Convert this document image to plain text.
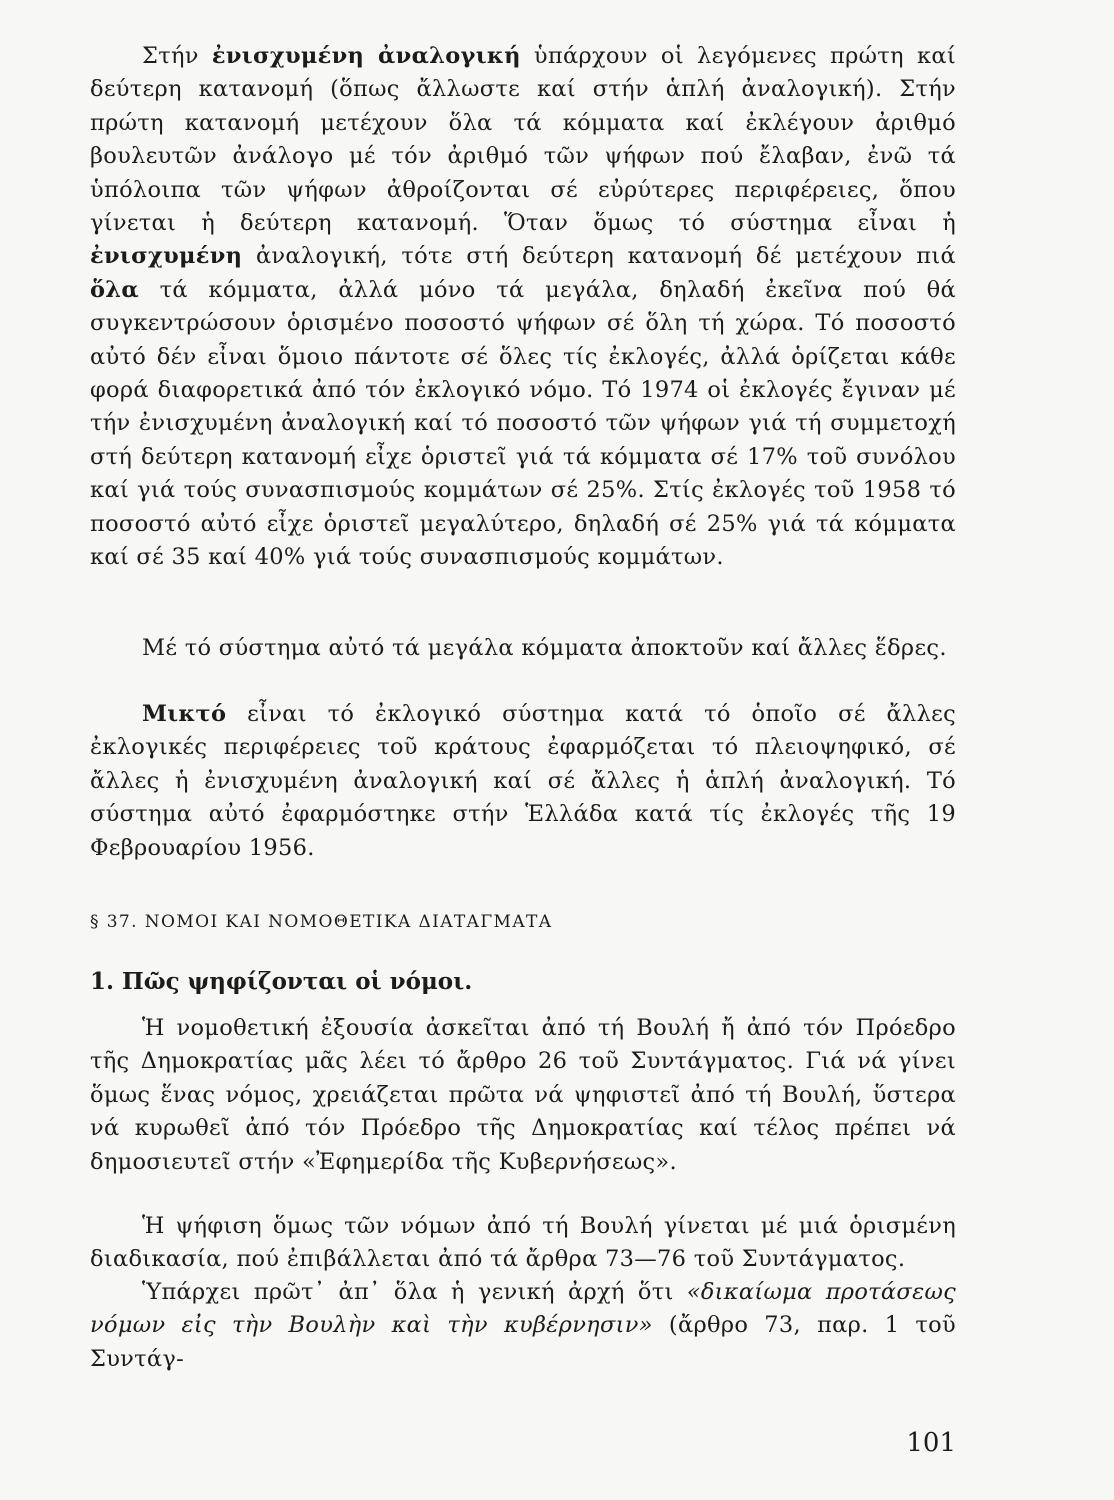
Στήν ἐνισχυμένη ἀναλογική ὑπάρχουν οἱ λεγόμενες πρώτη καί δεύτερη κατανομή (ὅπως ἄλλωστε καί στήν ἁπλή ἀναλογική). Στήν πρώτη κατανομή μετέχουν ὅλα τά κόμματα καί ἐκλέγουν ἀριθμό βουλευτῶν ἀνάλογο μέ τόν ἀριθμό τῶν ψήφων πού ἔλαβαν, ἐνῶ τά ὑπόλοιπα τῶν ψήφων ἀθροίζονται σέ εὐρύτερες περιφέρειες, ὅπου γίνεται ἡ δεύτερη κατανομή. Ὅταν ὅμως τό σύστημα εἶναι ἡ ἐνισχυμένη ἀναλογική, τότε στή δεύτερη κατανομή δέ μετέχουν πιά ὅλα τά κόμματα, ἀλλά μόνο τά μεγάλα, δηλαδή ἐκεῖνα πού θά συγκεντρώσουν ὁρισμένο ποσοστό ψήφων σέ ὅλη τή χώρα. Τό ποσοστό αὐτό δέν εἶναι ὅμοιο πάντοτε σέ ὅλες τίς ἐκλογές, ἀλλά ὁρίζεται κάθε φορά διαφορετικά ἀπό τόν ἐκλογικό νόμο. Τό 1974 οἱ ἐκλογές ἔγιναν μέ τήν ἐνισχυμένη ἀναλογική καί τό ποσοστό τῶν ψήφων γιά τή συμμετοχή στή δεύτερη κατανομή εἶχε ὁριστεῖ γιά τά κόμματα σέ 17% τοῦ συνόλου καί γιά τούς συνασπισμούς κομμάτων σέ 25%. Στίς ἐκλογές τοῦ 1958 τό ποσοστό αὐτό εἶχε ὁριστεῖ μεγαλύτερο, δηλαδή σέ 25% γιά τά κόμματα καί σέ 35 καί 40% γιά τούς συνασπισμούς κομμάτων.

Μέ τό σύστημα αὐτό τά μεγάλα κόμματα ἀποκτοῦν καί ἄλλες ἕδρες.

Μικτό εἶναι τό ἐκλογικό σύστημα κατά τό ὁποῖο σέ ἄλλες ἐκλογικές περιφέρειες τοῦ κράτους ἐφαρμόζεται τό πλειοψηφικό, σέ ἄλλες ἡ ἐνισχυμένη ἀναλογική καί σέ ἄλλες ἡ ἁπλή ἀναλογική. Τό σύστημα αὐτό ἐφαρμόστηκε στήν Ἑλλάδα κατά τίς ἐκλογές τῆς 19 Φεβρουαρίου 1956.

§ 37. ΝΟΜΟΙ ΚΑΙ ΝΟΜΟΘΕΤΙΚΑ ΔΙΑΤΑΓΜΑΤΑ
1. Πῶς ψηφίζονται οἱ νόμοι.

Ἡ νομοθετική ἐξουσία ἀσκεῖται ἀπό τή Βουλή ἤ ἀπό τόν Πρόεδρο τῆς Δημοκρατίας μᾶς λέει τό ἄρθρο 26 τοῦ Συντάγματος. Γιά νά γίνει ὅμως ἕνας νόμος, χρειάζεται πρῶτα νά ψηφιστεῖ ἀπό τή Βουλή, ὕστερα νά κυρωθεῖ ἀπό τόν Πρόεδρο τῆς Δημοκρατίας καί τέλος πρέπει νά δημοσιευτεῖ στήν «Ἐφημερίδα τῆς Κυβερνήσεως».

Ἡ ψήφιση ὅμως τῶν νόμων ἀπό τή Βουλή γίνεται μέ μιά ὁρισμένη διαδικασία, πού ἐπιβάλλεται ἀπό τά ἄρθρα 73—76 τοῦ Συντάγματος.

Ὑπάρχει πρῶτ᾽ ἀπ᾽ ὅλα ἡ γενική ἀρχή ὅτι «δικαίωμα προτάσεως νόμων εἰς τὴν Βουλὴν καὶ τὴν κυβέρνησιν» (ἄρθρο 73, παρ. 1 τοῦ Συντάγ-

101
